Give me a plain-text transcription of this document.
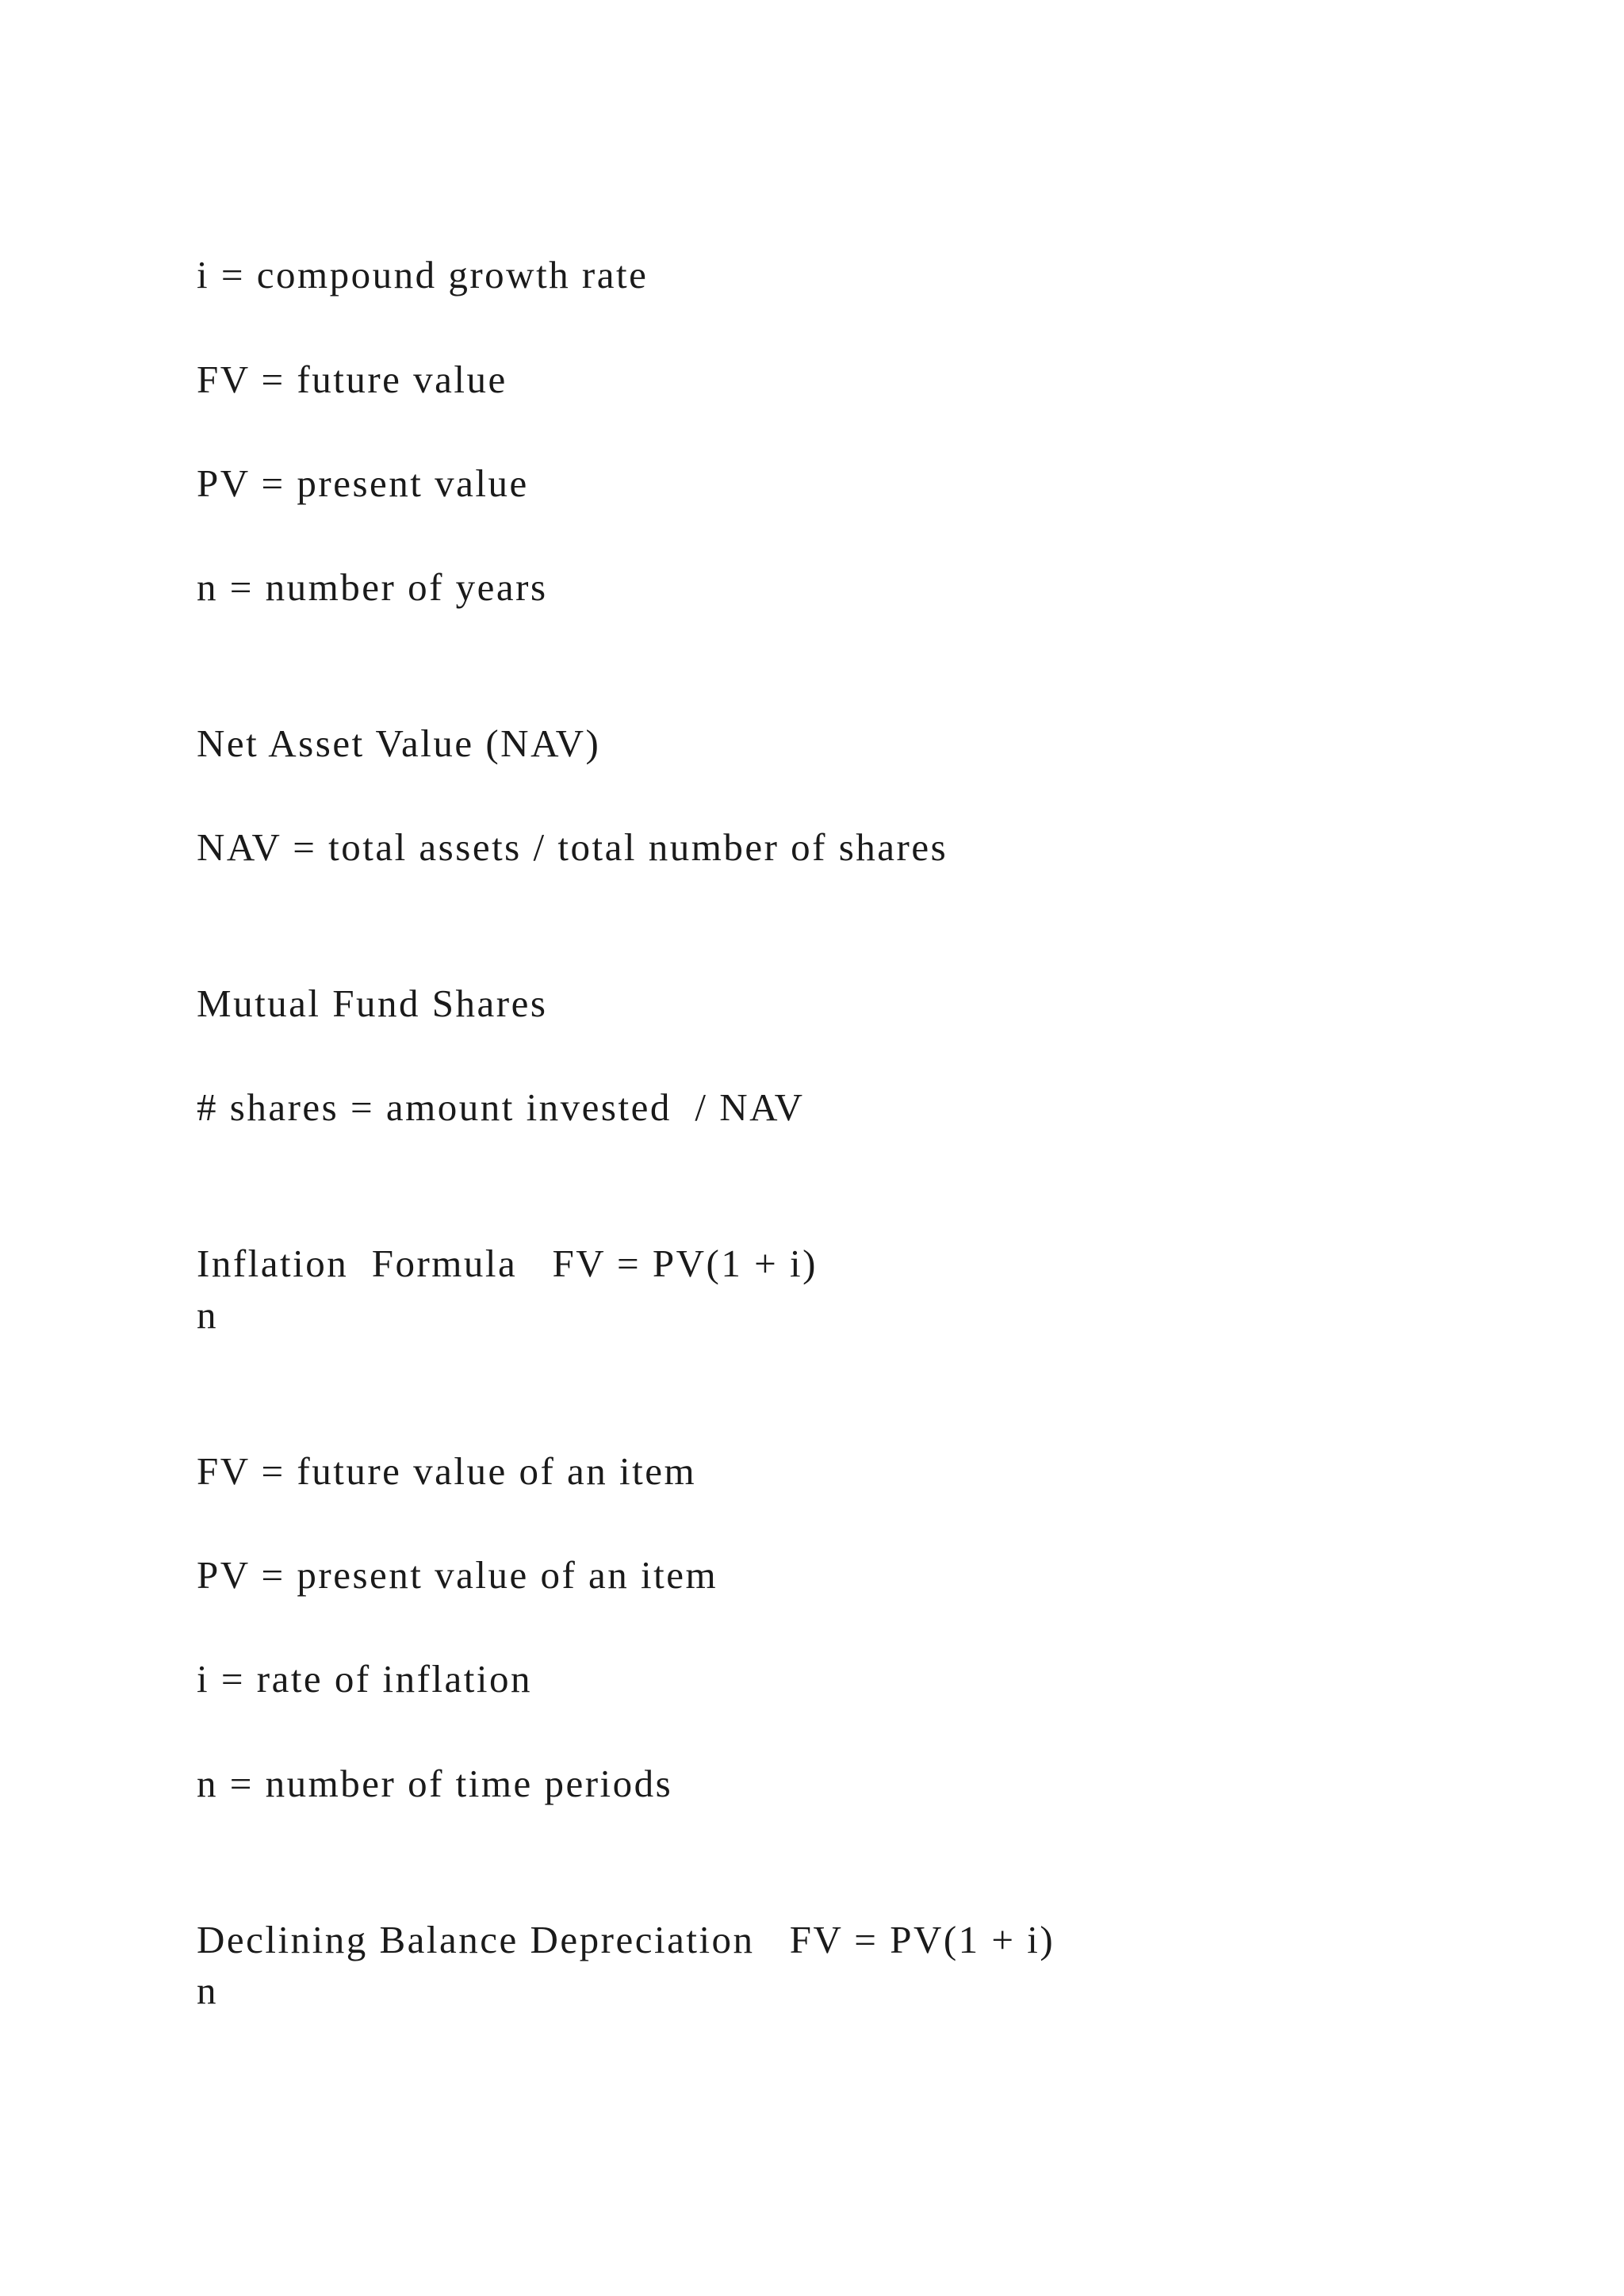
i = compound growth rate

FV = future value

PV = present value

n = number of years

Net Asset Value (NAV)

NAV = total assets / total number of shares

Mutual Fund Shares

# shares = amount invested  / NAV

Inflation  Formula   FV = PV(1 + i)

n

FV = future value of an item

PV = present value of an item

i = rate of inflation

n = number of time periods

Declining Balance Depreciation   FV = PV(1 + i)

n
